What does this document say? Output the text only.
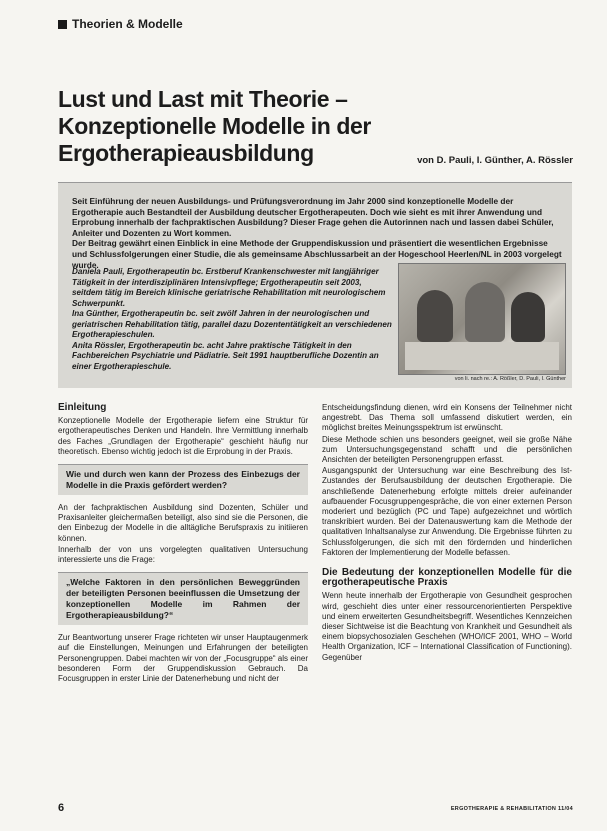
Theorien & Modelle
Lust und Last mit Theorie –
Konzeptionelle Modelle in der Ergotherapieausbildung	von D. Pauli, I. Günther, A. Rössler
Seit Einführung der neuen Ausbildungs- und Prüfungsverordnung im Jahr 2000 sind konzeptionelle Modelle der Ergotherapie auch Bestandteil der Ausbildung deutscher Ergotherapeuten. Doch wie sieht es mit ihrer Anwendung und Erprobung innerhalb der fachpraktischen Ausbildung? Dieser Frage gehen die Autorinnen nach und lassen dabei Schüler, Anleiter und Dozenten zu Wort kommen.
Der Beitrag gewährt einen Einblick in eine Methode der Gruppendiskussion und präsentiert die wesentlichen Ergebnisse und Schlussfolgerungen einer Studie, die als gemeinsame Abschlussarbeit an der Hogeschool Heerlen/NL in 2003 vorgelegt wurde.

Daniela Pauli, Ergotherapeutin bc. Erstberuf Krankenschwester mit langjähriger Tätigkeit in der interdisziplinären Intensivpflege; Ergotherapeutin seit 2003, seitdem tätig im Bereich klinische geriatrische Rehabilitation mit neurologischem Schwerpunkt.

Ina Günther, Ergotherapeutin bc. seit zwölf Jahren in der neurologischen und geriatrischen Rehabilitation tätig, parallel dazu Dozententätigkeit an verschiedenen Ergotherapieschulen.

Anita Rössler, Ergotherapeutin bc. acht Jahre praktische Tätigkeit in den Fachbereichen Psychiatrie und Pädiatrie. Seit 1991 hauptberufliche Dozentin an einer Ergotherapieschule.

von li. nach re.: A. Rößler, D. Pauli, I. Günther
Einleitung

Konzeptionelle Modelle der Ergotherapie liefern eine Struktur für ergotherapeutisches Denken und Handeln. Ihre Vermittlung innerhalb des Faches „Grundlagen der Ergotherapie“ geschieht häufig nur theoretisch. Ebenso wichtig jedoch ist die Erprobung in der Praxis.

Wie und durch wen kann der Prozess des Einbezugs der Modelle in die Praxis gefördert werden?

An der fachpraktischen Ausbildung sind Dozenten, Schüler und Praxisanleiter gleichermaßen beteiligt, also sind sie die Personen, die den Einbezug der Modelle in die alltägliche Berufspraxis zu initiieren können.

Innerhalb der von uns vorgelegten qualitativen Untersuchung interessierte uns die Frage:

„Welche Faktoren in den persönlichen Beweggründen der beteiligten Personen beeinflussen die Umsetzung der konzeptionellen Modelle im Rahmen der Ergotherapieausbildung?“

Zur Beantwortung unserer Frage richteten wir unser Hauptaugenmerk auf die Einstellungen, Meinungen und Erfahrungen der beteiligten Personengruppen. Dabei machten wir von der „Focusgruppe“ als einer besonderen Form der Gruppendiskussion Gebrauch. Da Focusgruppen in erster Linie der Datenerhebung und nicht der

Entscheidungsfindung dienen, wird ein Konsens der Teilnehmer nicht angestrebt. Das Thema soll umfassend diskutiert werden, ein möglichst breites Meinungsspektrum ist erwünscht.

Diese Methode schien uns besonders geeignet, weil sie große Nähe zum Untersuchungsgegenstand schafft und die persönlichen Ansichten der beteiligten Personengruppen erfasst.

Ausgangspunkt der Untersuchung war eine Beschreibung des Ist-Zustandes der Berufsausbildung der deutschen Ergotherapie. Die anschließende Datenerhebung erfolgte mittels dreier aufeinander aufbauender Focusgruppengespräche, die von einer externen Person moderiert und bezüglich (PC und Tape) aufgezeichnet und wörtlich transkribiert wurden. Bei der Datenauswertung kam die Methode der qualitativen Inhaltsanalyse zur Anwendung. Die Ergebnisse führten zu Schlussfolgerungen, die sich mit den fördernden und hinderlichen Faktoren der Implementierung der Modelle befassen.

Die Bedeutung der konzeptionellen Modelle für die ergotherapeutische Praxis

Wenn heute innerhalb der Ergotherapie von Gesundheit gesprochen wird, geschieht dies unter einer ressourcenorientierten Perspektive und einem erweiterten Gesundheitsbegriff. Wesentliches Kennzeichen dieser Sichtweise ist die Beachtung von Krankheit und Gesundheit als einem biopsychosozialen Geschehen (WHO/ICF 2001, WHO – World Health Organization, ICF – International Classification of Functioning). Gegenüber

6	ERGOTHERAPIE & REHABILITATION 11/04
